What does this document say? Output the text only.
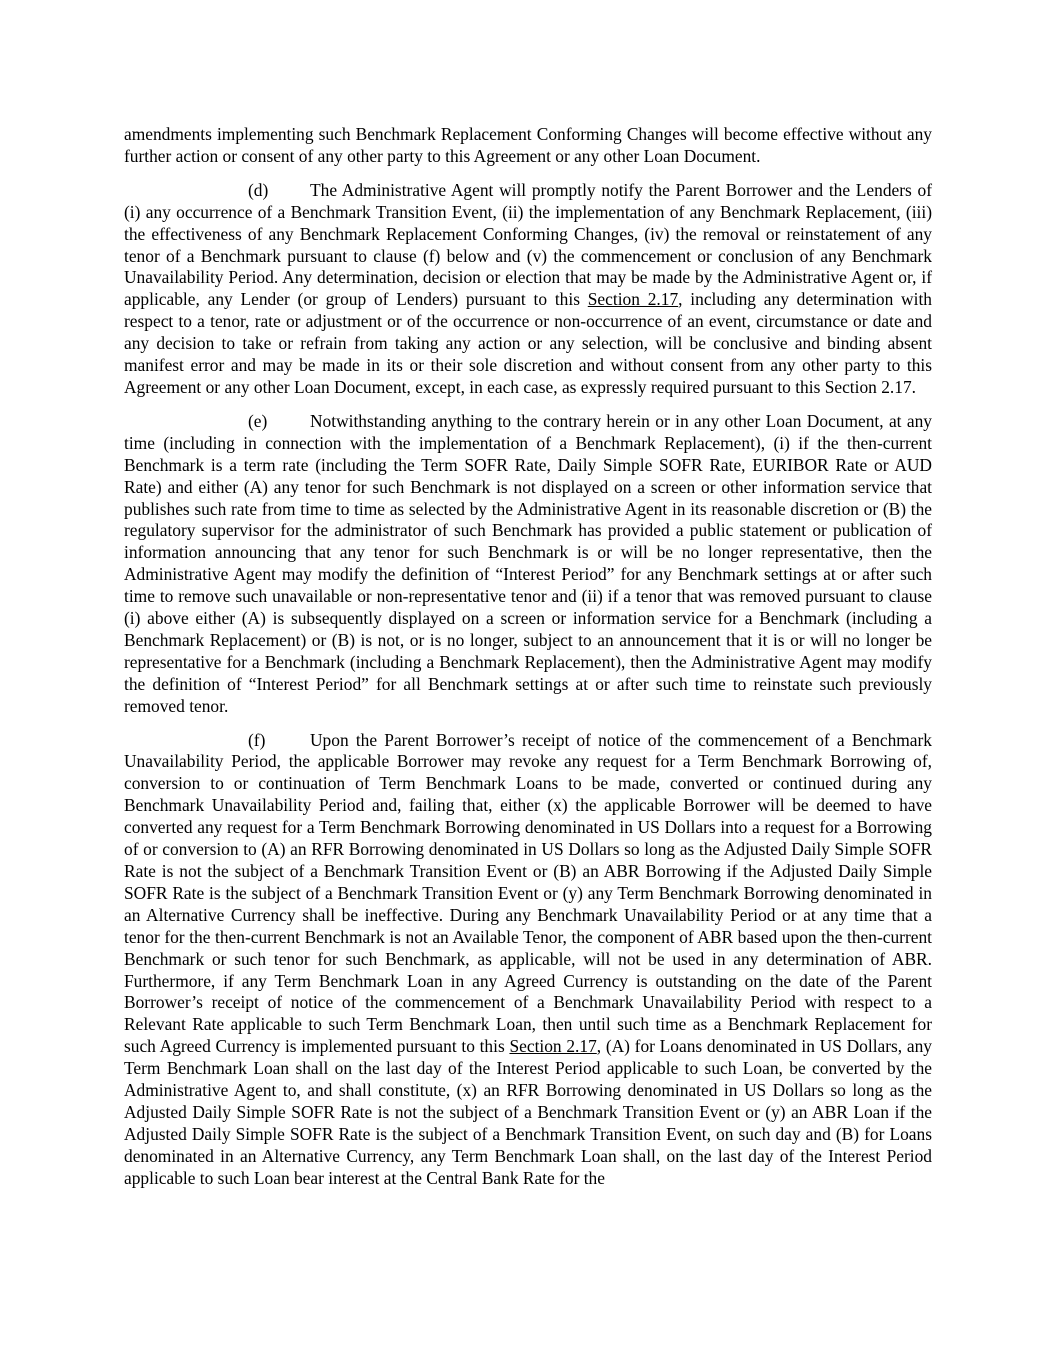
amendments implementing such Benchmark Replacement Conforming Changes will become effective without any further action or consent of any other party to this Agreement or any other Loan Document.

(d) The Administrative Agent will promptly notify the Parent Borrower and the Lenders of (i) any occurrence of a Benchmark Transition Event, (ii) the implementation of any Benchmark Replacement, (iii) the effectiveness of any Benchmark Replacement Conforming Changes, (iv) the removal or reinstatement of any tenor of a Benchmark pursuant to clause (f) below and (v) the commencement or conclusion of any Benchmark Unavailability Period. Any determination, decision or election that may be made by the Administrative Agent or, if applicable, any Lender (or group of Lenders) pursuant to this Section 2.17, including any determination with respect to a tenor, rate or adjustment or of the occurrence or non-occurrence of an event, circumstance or date and any decision to take or refrain from taking any action or any selection, will be conclusive and binding absent manifest error and may be made in its or their sole discretion and without consent from any other party to this Agreement or any other Loan Document, except, in each case, as expressly required pursuant to this Section 2.17.

(e) Notwithstanding anything to the contrary herein or in any other Loan Document, at any time (including in connection with the implementation of a Benchmark Replacement), (i) if the then-current Benchmark is a term rate (including the Term SOFR Rate, Daily Simple SOFR Rate, EURIBOR Rate or AUD Rate) and either (A) any tenor for such Benchmark is not displayed on a screen or other information service that publishes such rate from time to time as selected by the Administrative Agent in its reasonable discretion or (B) the regulatory supervisor for the administrator of such Benchmark has provided a public statement or publication of information announcing that any tenor for such Benchmark is or will be no longer representative, then the Administrative Agent may modify the definition of “Interest Period” for any Benchmark settings at or after such time to remove such unavailable or non-representative tenor and (ii) if a tenor that was removed pursuant to clause (i) above either (A) is subsequently displayed on a screen or information service for a Benchmark (including a Benchmark Replacement) or (B) is not, or is no longer, subject to an announcement that it is or will no longer be representative for a Benchmark (including a Benchmark Replacement), then the Administrative Agent may modify the definition of “Interest Period” for all Benchmark settings at or after such time to reinstate such previously removed tenor.

(f)	Upon the Parent Borrower’s receipt of notice of the commencement of a Benchmark Unavailability Period, the applicable Borrower may revoke any request for a Term Benchmark Borrowing of, conversion to or continuation of Term Benchmark Loans to be made, converted or continued during any Benchmark Unavailability Period and, failing that, either (x) the applicable Borrower will be deemed to have converted any request for a Term Benchmark Borrowing denominated in US Dollars into a request for a Borrowing of or conversion to (A) an RFR Borrowing denominated in US Dollars so long as the Adjusted Daily Simple SOFR Rate is not the subject of a Benchmark Transition Event or (B) an ABR Borrowing if the Adjusted Daily Simple SOFR Rate is the subject of a Benchmark Transition Event or (y) any Term Benchmark Borrowing denominated in an Alternative Currency shall be ineffective. During any Benchmark Unavailability Period or at any time that a tenor for the then-current Benchmark is not an Available Tenor, the component of ABR based upon the then-current Benchmark or such tenor for such Benchmark, as applicable, will not be used in any determination of ABR. Furthermore, if any Term Benchmark Loan in any Agreed Currency is outstanding on the date of the Parent Borrower’s receipt of notice of the commencement of a Benchmark Unavailability Period with respect to a Relevant Rate applicable to such Term Benchmark Loan, then until such time as a Benchmark Replacement for such Agreed Currency is implemented pursuant to this Section 2.17, (A) for Loans denominated in US Dollars, any Term Benchmark Loan shall on the last day of the Interest Period applicable to such Loan, be converted by the Administrative Agent to, and shall constitute, (x) an RFR Borrowing denominated in US Dollars so long as the Adjusted Daily Simple SOFR Rate is not the subject of a Benchmark Transition Event or (y) an ABR Loan if the Adjusted Daily Simple SOFR Rate is the subject of a Benchmark Transition Event, on such day and (B) for Loans denominated in an Alternative Currency, any Term Benchmark Loan shall, on the last day of the Interest Period applicable to such Loan bear interest at the Central Bank Rate for the
